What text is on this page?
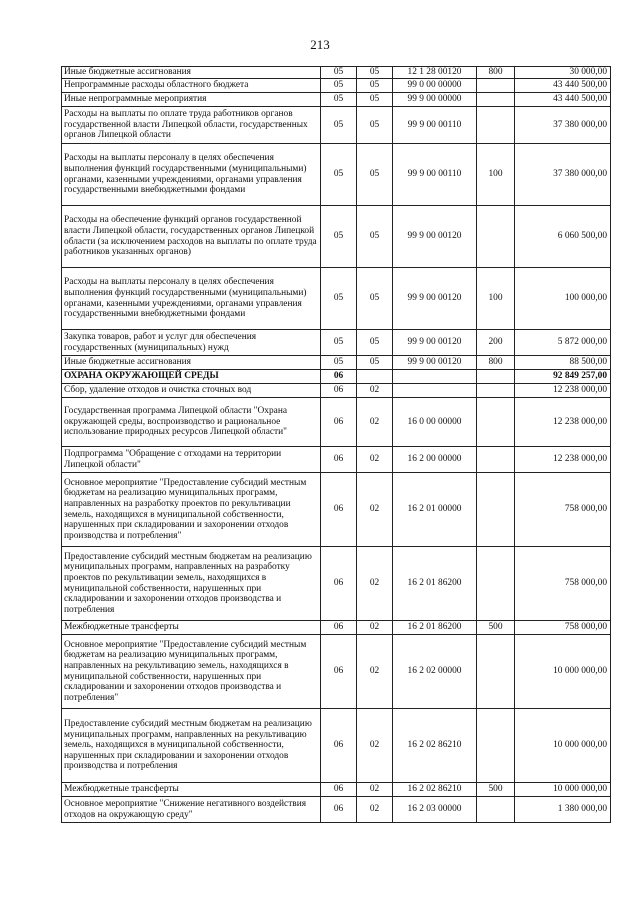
213
Иные бюджетные ассигнования	05	05	12 1 28 00120	800	30 000,00
Непрограммные расходы областного бюджета	05	05	99 0 00 00000		43 440 500,00
Иные непрограммные мероприятия	05	05	99 9 00 00000		43 440 500,00
Расходы на выплаты по оплате труда работников органов государственной власти Липецкой области, государственных органов Липецкой области	05	05	99 9 00 00110		37 380 000,00
Расходы на выплаты персоналу в целях обеспечения выполнения функций государственными (муниципальными) органами, казенными учреждениями, органами управления государственными внебюджетными фондами	05	05	99 9 00 00110	100	37 380 000,00
Расходы на обеспечение функций органов государственной власти Липецкой области, государственных органов Липецкой области (за исключением расходов на выплаты по оплате труда работников указанных органов)	05	05	99 9 00 00120		6 060 500,00
Расходы на выплаты персоналу в целях обеспечения выполнения функций государственными (муниципальными) органами, казенными учреждениями, органами управления государственными внебюджетными фондами	05	05	99 9 00 00120	100	100 000,00
Закупка товаров, работ и услуг для обеспечения государственных (муниципальных) нужд	05	05	99 9 00 00120	200	5 872 000,00
Иные бюджетные ассигнования	05	05	99 9 00 00120	800	88 500,00
ОХРАНА ОКРУЖАЮЩЕЙ СРЕДЫ	06				92 849 257,00
Сбор, удаление отходов и очистка сточных вод	06	02			12 238 000,00
Государственная программа Липецкой области "Охрана окружающей среды, воспроизводство и рациональное использование природных ресурсов Липецкой области"	06	02	16 0 00 00000		12 238 000,00
Подпрограмма "Обращение с отходами на территории Липецкой области"	06	02	16 2 00 00000		12 238 000,00
Основное мероприятие "Предоставление субсидий местным бюджетам на реализацию муниципальных программ, направленных на разработку проектов по рекультивации земель, находящихся в муниципальной собственности, нарушенных при складировании и захоронении отходов производства и потребления"	06	02	16 2 01 00000		758 000,00
Предоставление субсидий местным бюджетам на реализацию муниципальных программ, направленных на разработку проектов по рекультивации земель, находящихся в муниципальной собственности, нарушенных при складировании и захоронении отходов производства и потребления	06	02	16 2 01 86200		758 000,00
Межбюджетные трансферты	06	02	16 2 01 86200	500	758 000,00
Основное мероприятие "Предоставление субсидий местным бюджетам на реализацию муниципальных программ, направленных на рекультивацию земель, находящихся в муниципальной собственности, нарушенных при складировании и захоронении отходов производства и потребления"	06	02	16 2 02 00000		10 000 000,00
Предоставление субсидий местным бюджетам на реализацию муниципальных программ, направленных на рекультивацию земель, находящихся в муниципальной собственности, нарушенных при складировании и захоронении отходов производства и потребления	06	02	16 2 02 86210		10 000 000,00
Межбюджетные трансферты	06	02	16 2 02 86210	500	10 000 000,00
Основное мероприятие "Снижение негативного воздействия отходов на окружающую среду"	06	02	16 2 03 00000		1 380 000,00
